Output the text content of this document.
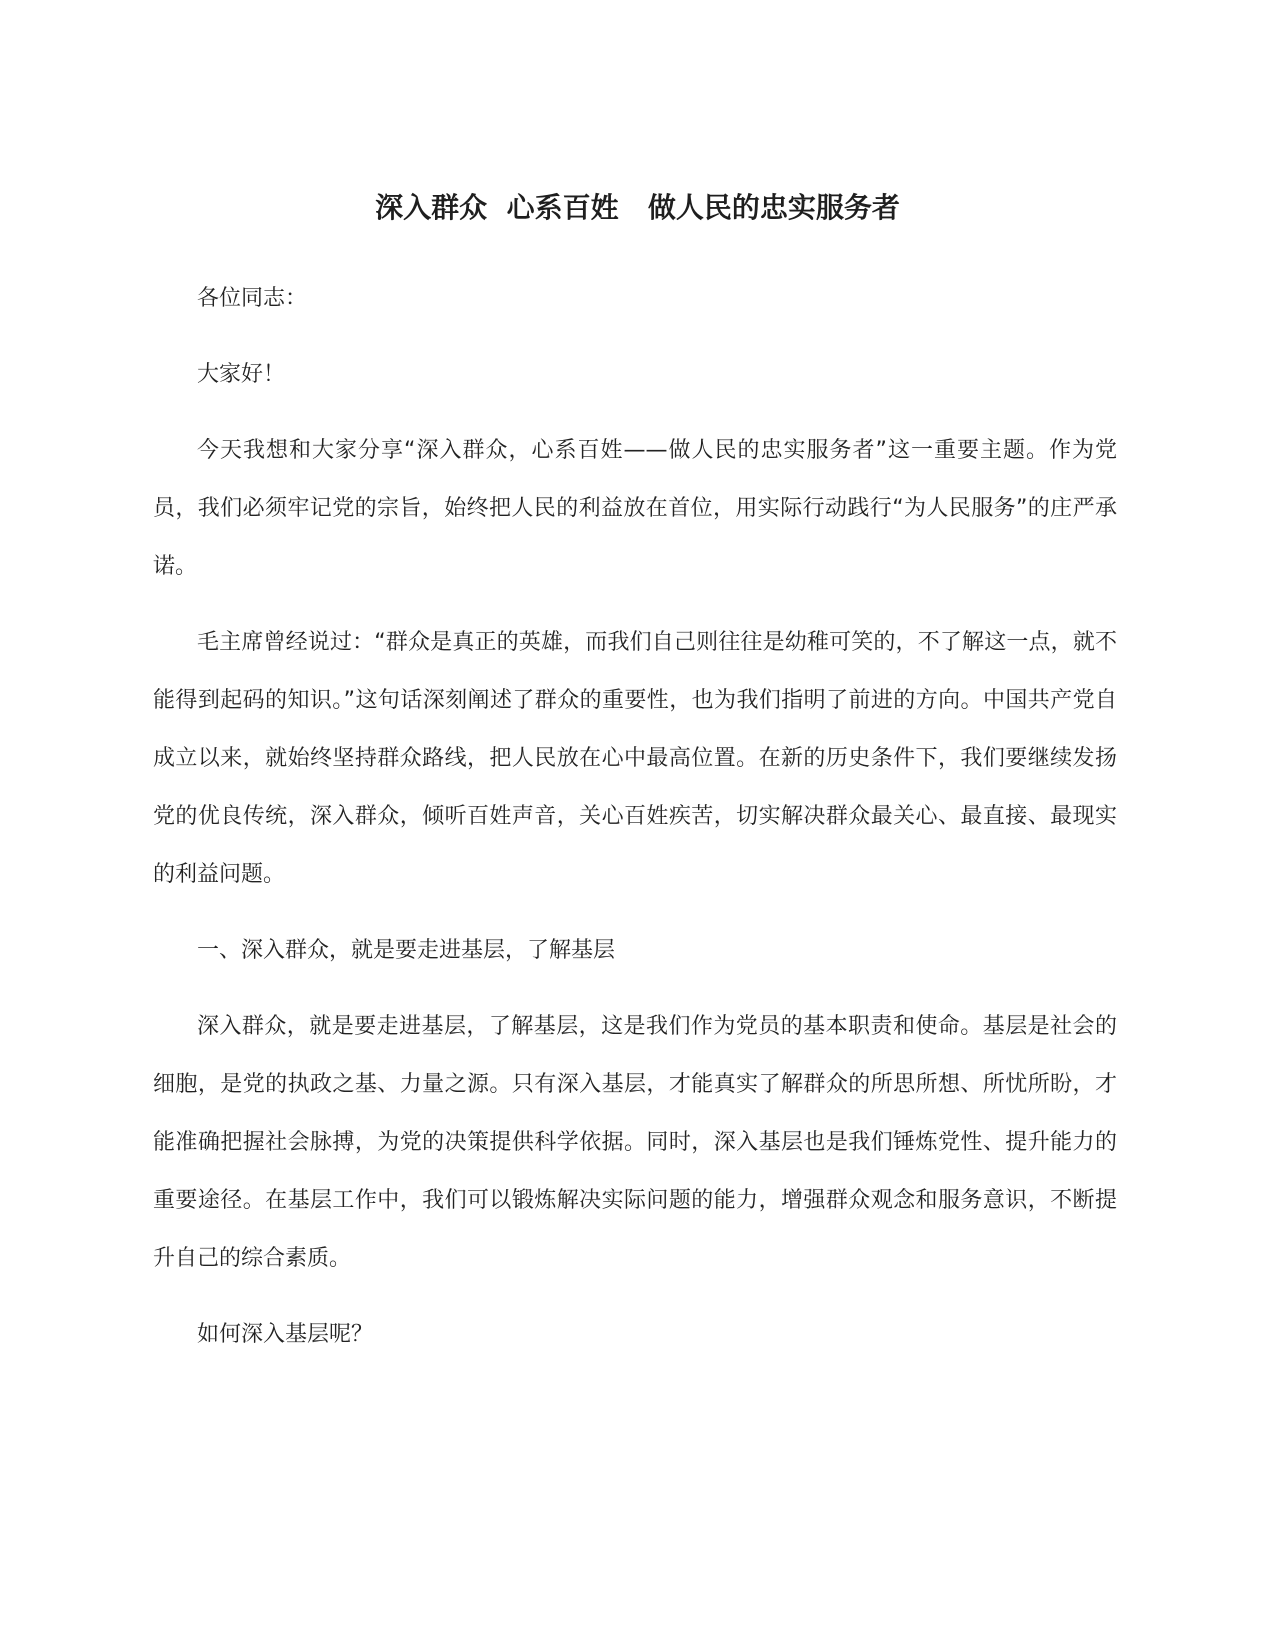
深入群众  心系百姓   做人民的忠实服务者

各位同志：

大家好！

今天我想和大家分享“深入群众，心系百姓——做人民的忠实服务者”这一重要主题。作为党员，我们必须牢记党的宗旨，始终把人民的利益放在首位，用实际行动践行“为人民服务”的庄严承诺。

毛主席曾经说过：“群众是真正的英雄，而我们自己则往往是幼稚可笑的，不了解这一点，就不能得到起码的知识。”这句话深刻阐述了群众的重要性，也为我们指明了前进的方向。中国共产党自成立以来，就始终坚持群众路线，把人民放在心中最高位置。在新的历史条件下，我们要继续发扬党的优良传统，深入群众，倾听百姓声音，关心百姓疾苦，切实解决群众最关心、最直接、最现实的利益问题。

一、深入群众，就是要走进基层，了解基层

深入群众，就是要走进基层，了解基层，这是我们作为党员的基本职责和使命。基层是社会的细胞，是党的执政之基、力量之源。只有深入基层，才能真实了解群众的所思所想、所忧所盼，才能准确把握社会脉搏，为党的决策提供科学依据。同时，深入基层也是我们锤炼党性、提升能力的重要途径。在基层工作中，我们可以锻炼解决实际问题的能力，增强群众观念和服务意识，不断提升自己的综合素质。

如何深入基层呢？
